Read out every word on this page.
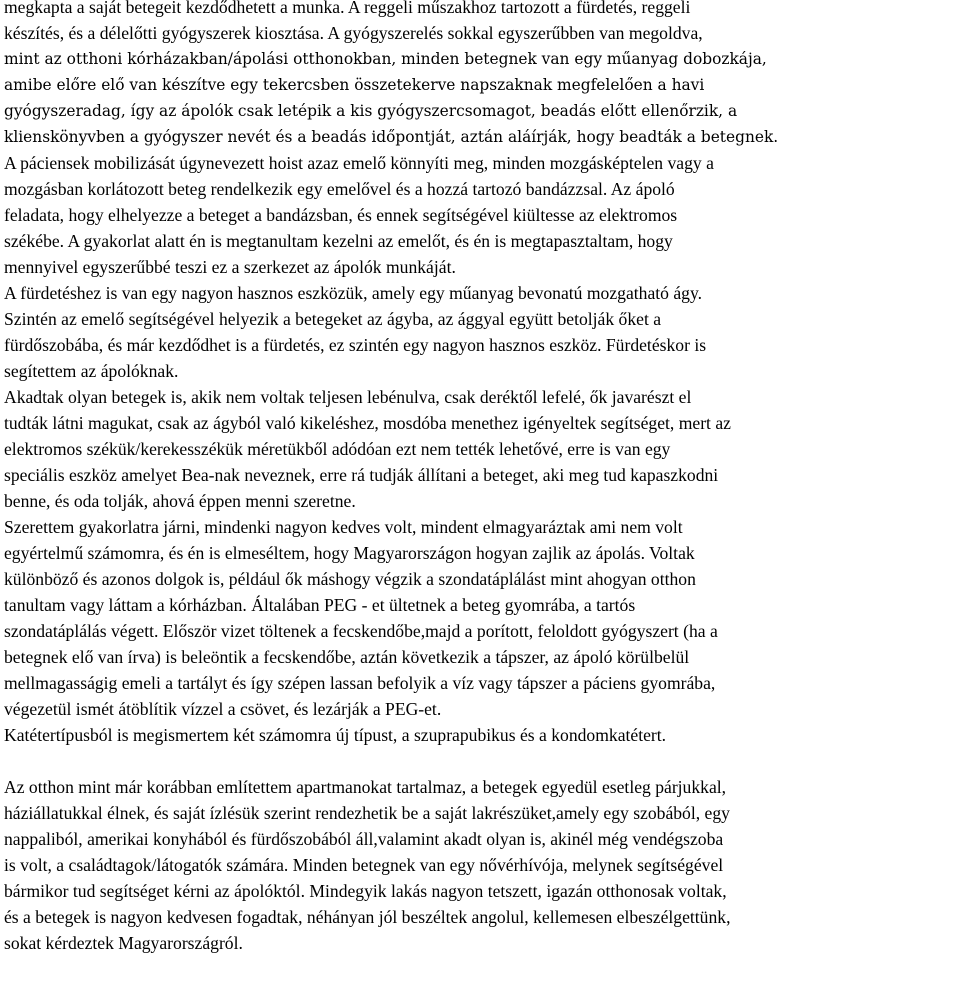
megkapta a saját betegeit kezdődhetett a munka. A reggeli műszakhoz tartozott a fürdetés, reggeli
készítés, és a délelőtti gyógyszerek kiosztása. A gyógyszerelés sokkal egyszerűbben van megoldva,
mint az otthoni kórházakban/ápolási otthonokban, minden betegnek van egy műanyag dobozkája,
amibe előre elő van készítve egy tekercsben összetekerve napszaknak megfelelően a havi
gyógyszeradag, így az ápolók csak letépik a kis gyógyszercsomagot, beadás előtt ellenőrzik, a
klienskönyvben a gyógyszer nevét és a beadás időpontját, aztán aláírják, hogy beadták a betegnek.
A páciensek mobilizását úgynevezett hoist azaz emelő könnyíti meg, minden mozgásképtelen vagy a
mozgásban korlátozott beteg rendelkezik egy emelővel és a hozzá tartozó bandázzsal. Az ápoló
feladata, hogy elhelyezze a beteget a bandázsban, és ennek segítségével kiültesse az elektromos
székébe. A gyakorlat alatt én is megtanultam kezelni az emelőt, és én is megtapasztaltam, hogy
mennyivel egyszerűbbé teszi ez a szerkezet az ápolók munkáját.
A fürdetéshez is van egy nagyon hasznos eszközük, amely egy műanyag bevonatú mozgatható ágy.
Szintén az emelő segítségével helyezik a betegeket az ágyba, az ággyal együtt betolják őket a
fürdőszobába, és már kezdődhet is a fürdetés, ez szintén egy nagyon hasznos eszköz. Fürdetéskor is
segítettem az ápolóknak.
Akadtak olyan betegek is, akik nem voltak teljesen lebénulva, csak deréktől lefelé, ők javarészt el
tudták látni magukat, csak az ágyból való kikeléshez, mosdóba menethez igényeltek segítséget, mert az
elektromos székük/kerekesszékük méretükből adódóan ezt nem tették lehetővé, erre is van egy
speciális eszköz amelyet Bea-nak neveznek, erre rá tudják állítani a beteget, aki meg tud kapaszkodni
benne, és oda tolják, ahová éppen menni szeretne.
Szerettem gyakorlatra járni, mindenki nagyon kedves volt, mindent elmagyaráztak ami nem volt
egyértelmű számomra, és én is elmeséltem, hogy Magyarországon hogyan zajlik az ápolás. Voltak
különböző és azonos dolgok is, például ők máshogy végzik a szondatáplálást mint ahogyan otthon
tanultam vagy láttam a kórházban. Általában PEG - et ültetnek a beteg gyomrába, a tartós
szondatáplálás végett. Először vizet töltenek a fecskendőbe,majd a porított, feloldott gyógyszert (ha a
betegnek elő van írva) is beleöntik a fecskendőbe, aztán következik a tápszer, az ápoló körülbelül
mellmagasságig emeli a tartályt és így szépen lassan befolyik a víz vagy tápszer a páciens gyomrába,
végezetül ismét átöblítik vízzel a csövet, és lezárják a PEG-et.
Katétertípusból is megismertem két számomra új típust, a szuprapubikus és a kondomkatétert.
Az otthon mint már korábban említettem apartmanokat tartalmaz, a betegek egyedül esetleg párjukkal,
háziállatukkal élnek, és saját ízlésük szerint rendezhetik be a saját lakrészüket,amely egy szobából, egy
nappaliból, amerikai konyhából és fürdőszobából áll,valamint akadt olyan is, akinél még vendégszoba
is volt, a családtagok/látogatók számára. Minden betegnek van egy nővérhívója, melynek segítségével
bármikor tud segítséget kérni az ápolóktól. Mindegyik lakás nagyon tetszett, igazán otthonosak voltak,
és a betegek is nagyon kedvesen fogadtak, néhányan jól beszéltek angolul, kellemesen elbeszélgettünk,
sokat kérdeztek Magyarországról.
